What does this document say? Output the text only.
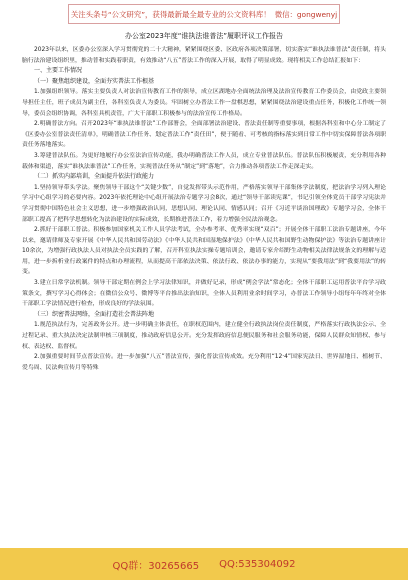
关注头条号“公文研究”，获得最新最全最专业的公文资料库！ 微信：gongwenyj

办公室2023年度“谁执法谁普法”履职评议工作报告

2023年以来，区委办公室深入学习贯彻党的二十大精神，紧紧围绕区委、区政府各项决策部署，切实落实“谁执法谁普法”责任制，将头脑行法治建设组织里，推动普和实践着职责，有效推动“八五”普法工作的深入开展，取得了明显成效。现将相关工作总结汇报如下：

一、主要工作情况

（一）聚焦组织建设，全面夯实普法工作根基

1.加强组织领导。落实主要负责人对法治宣传教育工作的领导，成立区湖地办全面统法治理及法治宣传教育工作委员会，由党政主要领导担任主任，班子成员为副主任，各科室负责人为委员。牢固树立办普法工作一盘棋思想，紧紧围绕法治建设重点任务，积极化工作统一领导，委员会组织协调，各科室具机责管，广大干部职工积极参与的法治宣传工作格局。

2.明确普法方向。召开2023年“谁执法谁普法”工作部署会，全面部署法治建设、普法责任制等重要事项，根据各科室和中心分工制定了《区委办公室普法责任清单》，明确普法工作任务、划定普法工作“责任田”，便于随看、可考核的指标落实到日常工作中切实保障普法各项职责任务落地落实。

3.筹建普法队伍。为更好地履行办公室法治宣传功能，我办明确普法工作人员，成立专业普法队伍。普法队伍积极履责，充分利用各种载体和渠道，落实“谁执法谁普法”工作任务，实现普法任务从“制定”到“落地”，合力推动各项普法工作走深走实。

（二）抓实内部培训，全面提升依法行政能力

1.坚持领导带头学法。聚焦领导干部这个“关键少数”，自觉发挥带头示范作用，严格落实领导干部集体学法制度，把法治学习列入理论学习中心组学习的必要内容。2023年依托理论中心组开展法治专题学习会8次，通过“领导干部读宪课”，书记引领全体党员干部学习宪法并学习贯彻中国特色社会主义思想，进一步增强政治认同，思想认同、理论认同、情感认同；召开《习近平谈治国理政》专题学习会，全体干部职工提高了把科学思想转化为法治建设的实际成效，长期推进普法工作，着力增强全民法治观念。

2.抓好干部职工普法。积极参加国家机关工作人员学法考试，全办参考率、优秀率实现“双百”；开展全体干部职工法治专题讲座，今年以来，邀请律师及专家开展《中华人民共和国劳动法》《中华人民共和国湿地保护法》《中华人民共和国野生动物保护法》等法治专题讲座计10余次，为增强行政执法人员对执法全员实践的了解，召开科室执法实操专题培训会，邀请专家介绍野生动物相关法律法规条文的理解与适用，进一步拆析业行政案件的特点和办理流程，从而提高干部依法决策、依法行政、依法办事的能力，实现从“要我用法”到“我要用法”的转变。

3.建立日常学法机制。领导干部定期在例会上学习法律知识，并做好记录，形成“例会学法”常态化；全体干部职工运用普法平台学习政策条文，撰写学习心得体会；在微信公众号、微博等平台推出法治知识，全体人员利用业余时间学习，办普法工作领导小组每年年终对全体干部职工学法情况进行检查，形成良好的学法氛围。

（三）织密普法网络，全面打造社会普法阵地

1.规范执法行为，完善政务公开。进一步明确主体责任，在职权范围内，建立健全行政执法岗位责任制度，严格落实行政执法公示、全过程记录、重大执法决定法制审核三项制度，推动政府信息公开。充分发挥政府信息便民服务和社会服务功能，保障人民群众知情权、参与权、表达权、监督权。

2.加强重要时间节点普法宣传。进一步加强“八五”普法宣传，强化普法宣传成效。充分利用“12·4”国家宪法日、世界湿地日、植树节、爱鸟周、民法典宣传月等特殊

QQ群：30265665 QQ:535304092
